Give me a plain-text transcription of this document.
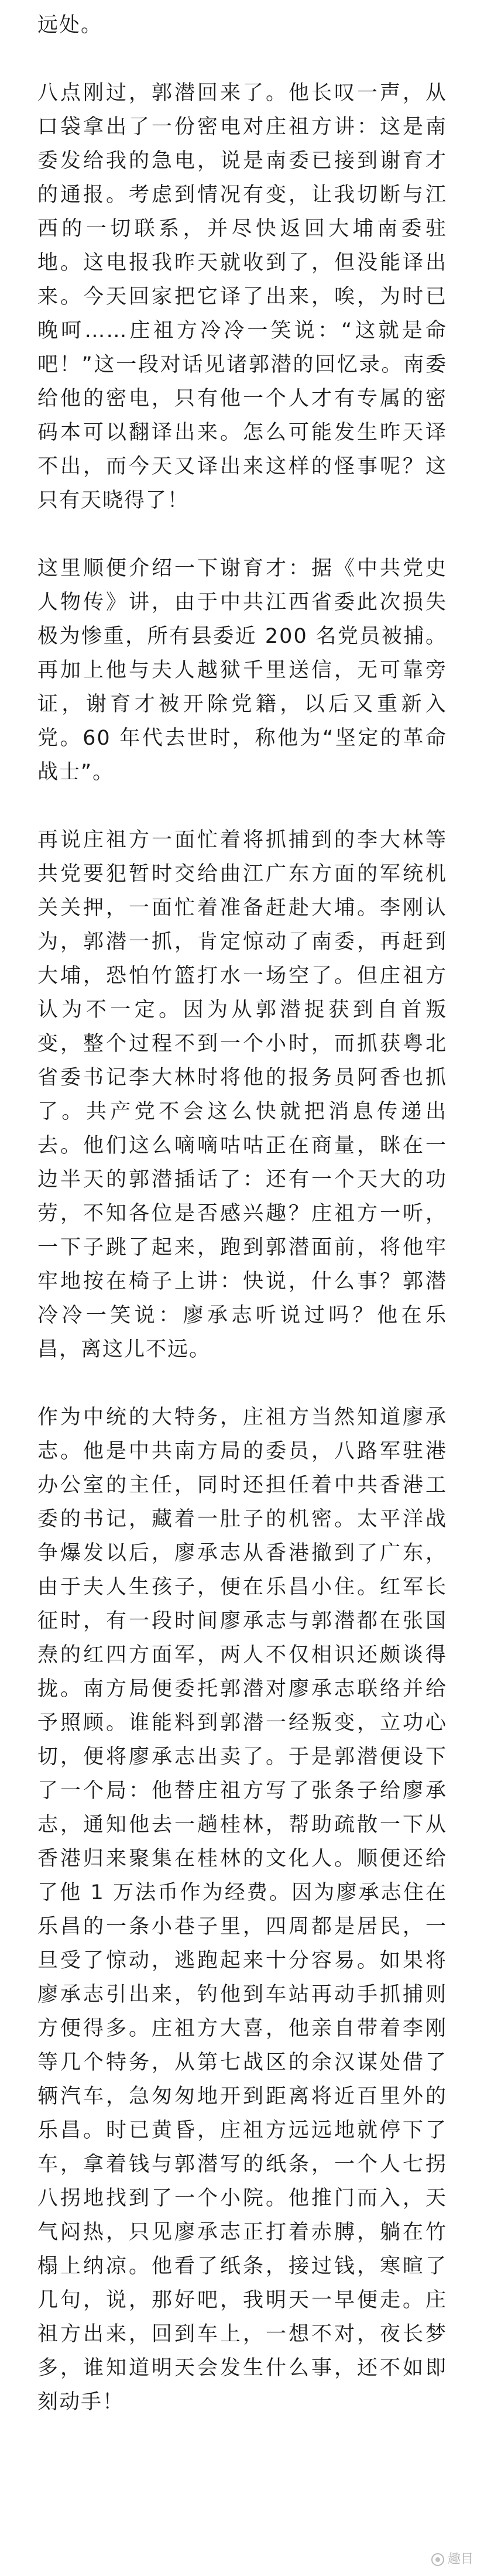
远处。

八点刚过，郭潜回来了。他长叹一声，从口袋拿出了一份密电对庄祖方讲：这是南委发给我的急电，说是南委已接到谢育才的通报。考虑到情况有变，让我切断与江西的一切联系，并尽快返回大埔南委驻地。这电报我昨天就收到了，但没能译出来。今天回家把它译了出来，唉，为时已晚呵……庄祖方冷冷一笑说：“这就是命吧！”这一段对话见诸郭潜的回忆录。南委给他的密电，只有他一个人才有专属的密码本可以翻译出来。怎么可能发生昨天译不出，而今天又译出来这样的怪事呢？这只有天晓得了！

这里顺便介绍一下谢育才：据《中共党史人物传》讲，由于中共江西省委此次损失极为惨重，所有县委近 200 名党员被捕。再加上他与夫人越狱千里送信，无可靠旁证，谢育才被开除党籍，以后又重新入党。60 年代去世时，称他为“坚定的革命战士”。

再说庄祖方一面忙着将抓捕到的李大林等共党要犯暂时交给曲江广东方面的军统机关关押，一面忙着准备赶赴大埔。李刚认为，郭潜一抓，肯定惊动了南委，再赶到大埔，恐怕竹篮打水一场空了。但庄祖方认为不一定。因为从郭潜捉获到自首叛变，整个过程不到一个小时，而抓获粤北省委书记李大林时将他的报务员阿香也抓了。共产党不会这么快就把消息传递出去。他们这么嘀嘀咕咕正在商量，眯在一边半天的郭潜插话了：还有一个天大的功劳，不知各位是否感兴趣？庄祖方一听，一下子跳了起来，跑到郭潜面前，将他牢牢地按在椅子上讲：快说，什么事？郭潜冷冷一笑说：廖承志听说过吗？他在乐昌，离这儿不远。

作为中统的大特务，庄祖方当然知道廖承志。他是中共南方局的委员，八路军驻港办公室的主任，同时还担任着中共香港工委的书记，藏着一肚子的机密。太平洋战争爆发以后，廖承志从香港撤到了广东，由于夫人生孩子，便在乐昌小住。红军长征时，有一段时间廖承志与郭潜都在张国焘的红四方面军，两人不仅相识还颇谈得拢。南方局便委托郭潜对廖承志联络并给予照顾。谁能料到郭潜一经叛变，立功心切，便将廖承志出卖了。于是郭潜便设下了一个局：他替庄祖方写了张条子给廖承志，通知他去一趟桂林，帮助疏散一下从香港归来聚集在桂林的文化人。顺便还给了他 1 万法币作为经费。因为廖承志住在乐昌的一条小巷子里，四周都是居民，一旦受了惊动，逃跑起来十分容易。如果将廖承志引出来，钓他到车站再动手抓捕则方便得多。庄祖方大喜，他亲自带着李刚等几个特务，从第七战区的余汉谋处借了辆汽车，急匆匆地开到距离将近百里外的乐昌。时已黄昏，庄祖方远远地就停下了车，拿着钱与郭潜写的纸条，一个人七拐八拐地找到了一个小院。他推门而入，天气闷热，只见廖承志正打着赤膊，躺在竹榻上纳凉。他看了纸条，接过钱，寒暄了几句，说，那好吧，我明天一早便走。庄祖方出来，回到车上，一想不对，夜长梦多，谁知道明天会发生什么事，还不如即刻动手！

趣目
